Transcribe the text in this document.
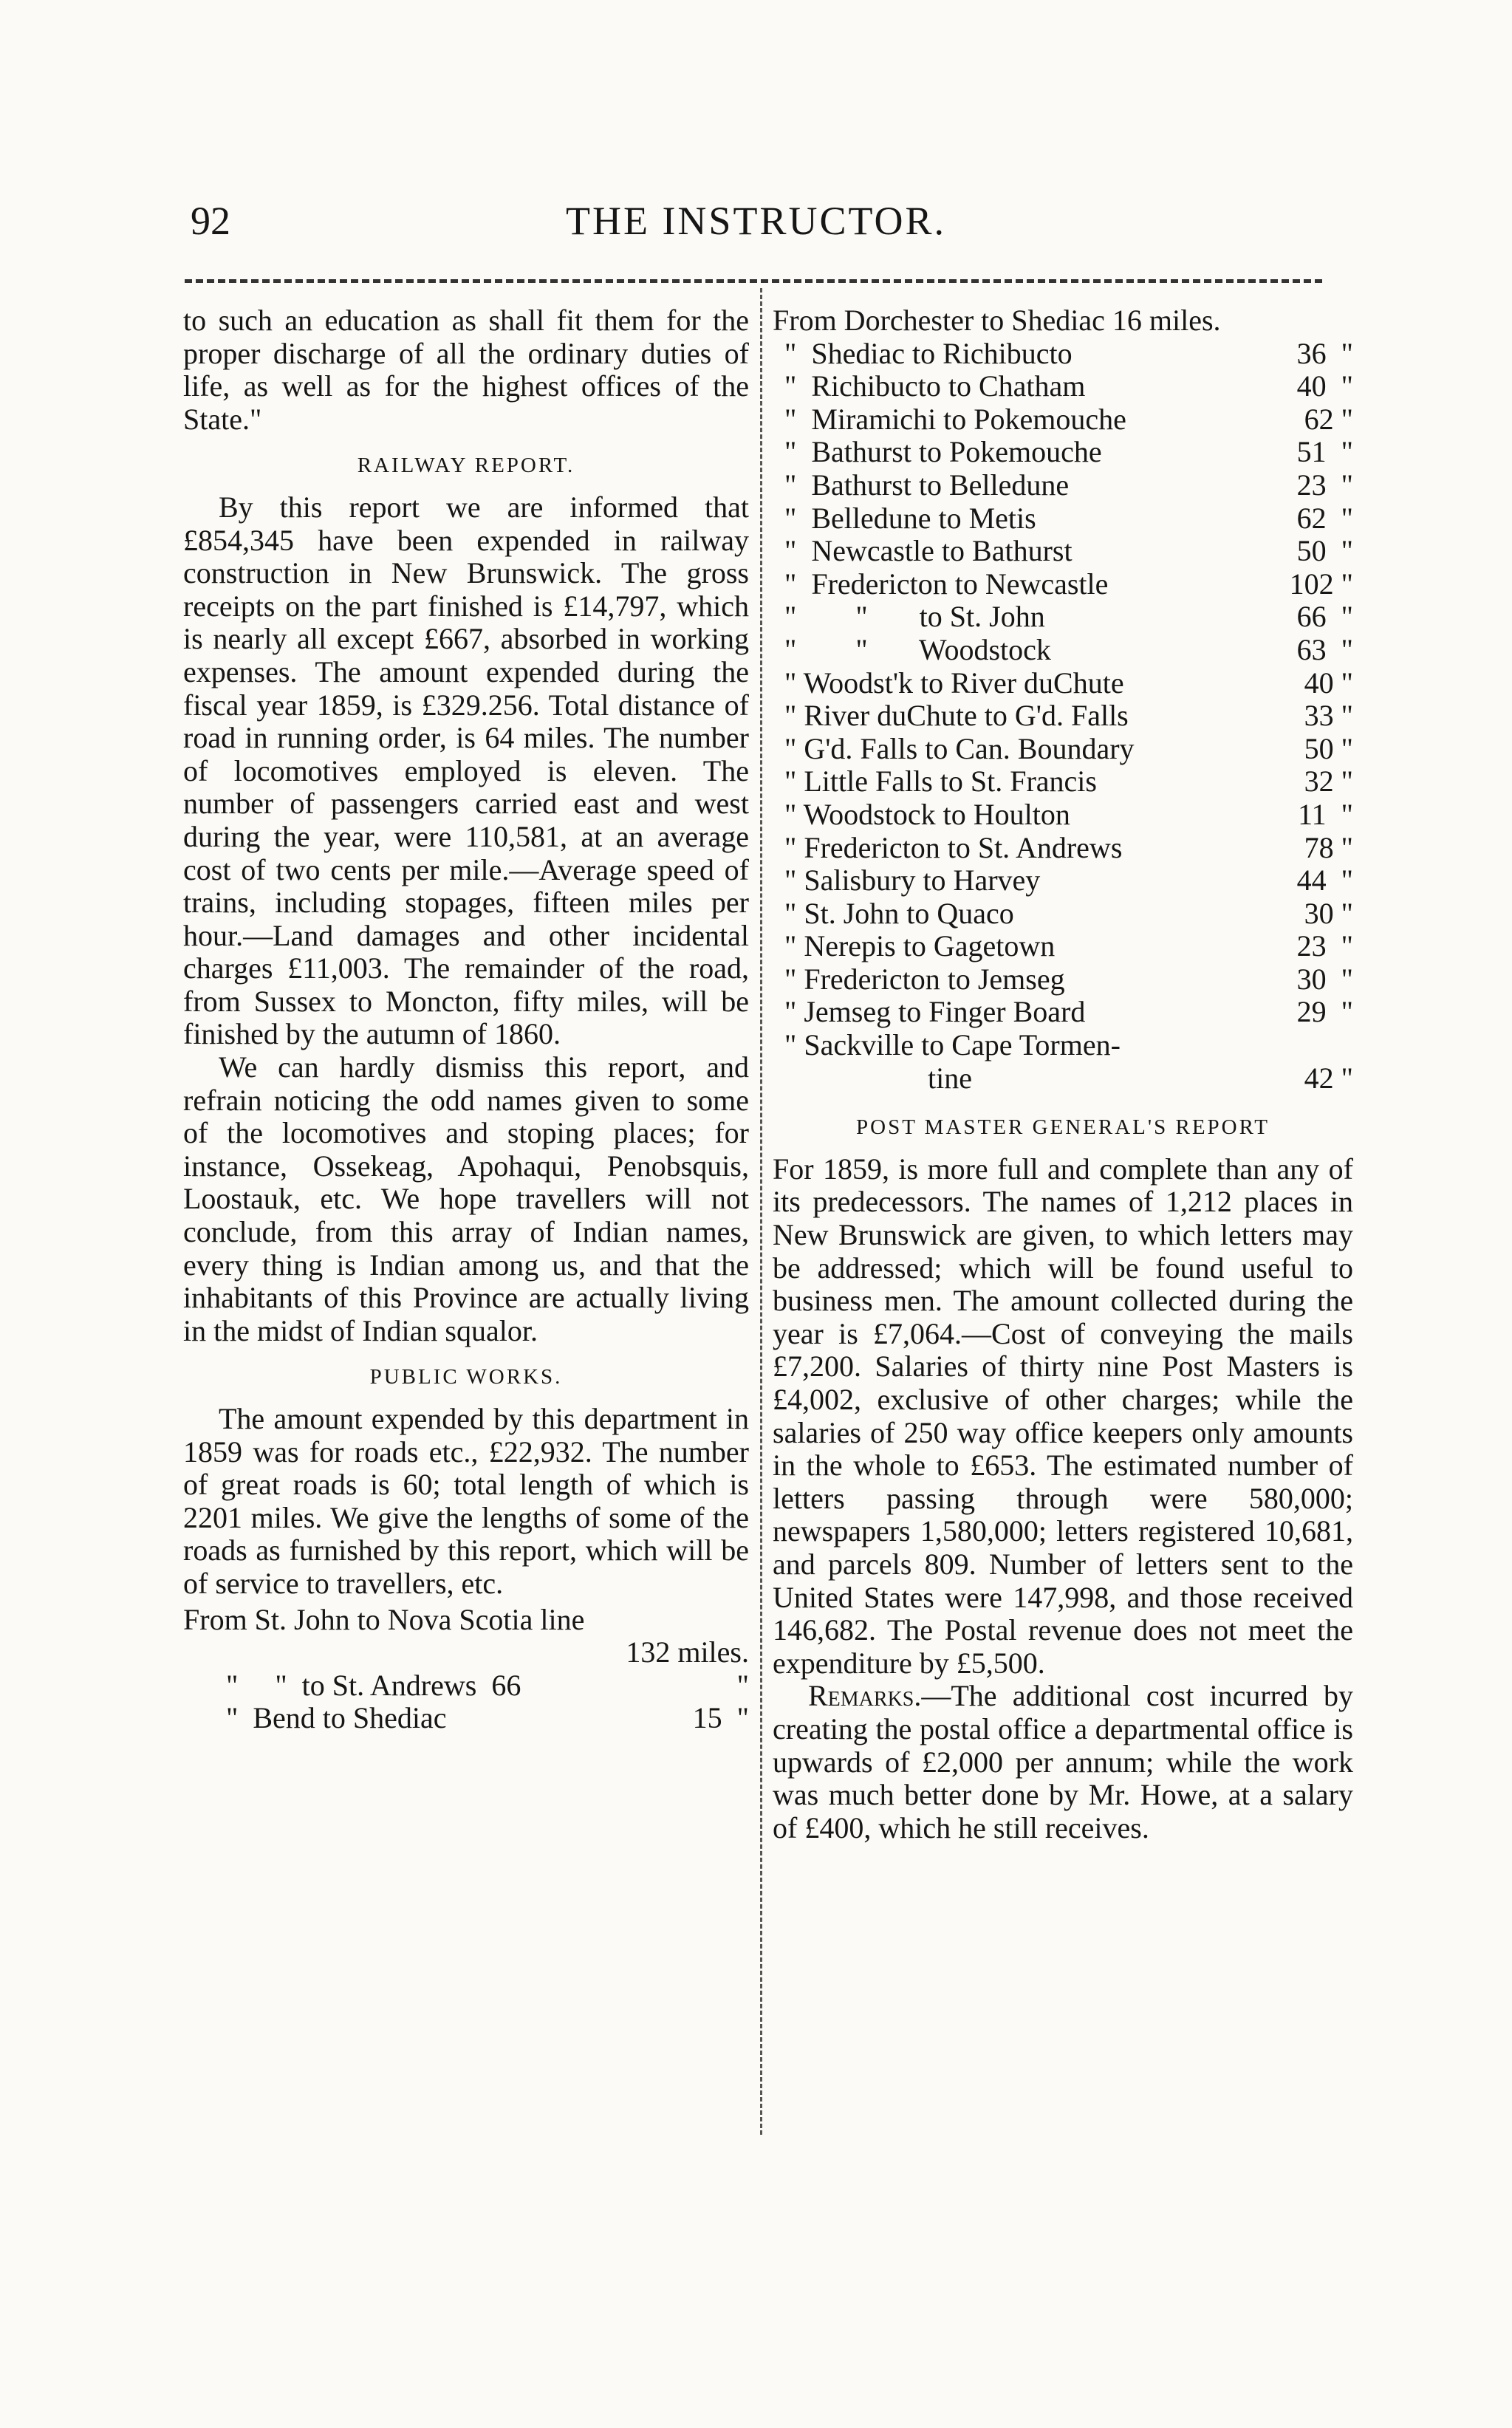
92	THE INSTRUCTOR.

to such an education as shall fit them for the proper discharge of all the ordinary duties of life, as well as for the highest offices of the State."

RAILWAY REPORT.

By this report we are informed that £854,345 have been expended in railway construction in New Brunswick. The gross receipts on the part finished is £14,797, which is nearly all except £667, absorbed in working expenses. The amount expended during the fiscal year 1859, is £329.256. Total distance of road in running order, is 64 miles. The number of locomotives employed is eleven. The number of passengers carried east and west during the year, were 110,581, at an average cost of two cents per mile.—Average speed of trains, including stopages, fifteen miles per hour.—Land damages and other incidental charges £11,003. The remainder of the road, from Sussex to Moncton, fifty miles, will be finished by the autumn of 1860.

We can hardly dismiss this report, and refrain noticing the odd names given to some of the locomotives and stoping places; for instance, Ossekeag, Apohaqui, Penobsquis, Loostauk, etc. We hope travellers will not conclude, from this array of Indian names, every thing is Indian among us, and that the inhabitants of this Province are actually living in the midst of Indian squalor.

PUBLIC WORKS.

The amount expended by this department in 1859 was for roads etc., £22,932. The number of great roads is 60; total length of which is 2201 miles. We give the lengths of some of the roads as furnished by this report, which will be of service to travellers, etc.

From St. John to Nova Scotia line
132 miles.
"     "  to St. Andrews  66	"
"  Bend to Shediac	15  "
From Dorchester to Shediac 16 miles.
"  Shediac to Richibucto	36  "
"  Richibucto to Chatham	40  "
"  Miramichi to Pokemouche	62 "
"  Bathurst to Pokemouche	51  "
"  Bathurst to Belledune	23  "
"  Belledune to Metis	62  "
"  Newcastle to Bathurst	50  "
"  Fredericton to Newcastle	102 "
"        "       to St. John	66  "
"        "       Woodstock	63  "
" Woodst'k to River duChute	40 "
" River duChute to G'd. Falls	33 "
" G'd. Falls to Can. Boundary	50 "
" Little Falls to St. Francis	32 "
" Woodstock to Houlton	11  "
" Fredericton to St. Andrews	78 "
" Salisbury to Harvey	44  "
" St. John to Quaco	30 "
" Nerepis to Gagetown	23  "
" Fredericton to Jemseg	30  "
" Jemseg to Finger Board	29  "
" Sackville to Cape Tormen-
tine	42 "
POST MASTER GENERAL'S REPORT

For 1859, is more full and complete than any of its predecessors. The names of 1,212 places in New Brunswick are given, to which letters may be addressed; which will be found useful to business men. The amount collected during the year is £7,064.—Cost of conveying the mails £7,200. Salaries of thirty nine Post Masters is £4,002, exclusive of other charges; while the salaries of 250 way office keepers only amounts in the whole to £653. The estimated number of letters passing through were 580,000; newspapers 1,580,000; letters registered 10,681, and parcels 809. Number of letters sent to the United States were 147,998, and those received 146,682. The Postal revenue does not meet the expenditure by £5,500.

Remarks.—The additional cost incurred by creating the postal office a departmental office is upwards of £2,000 per annum; while the work was much better done by Mr. Howe, at a salary of £400, which he still receives.
